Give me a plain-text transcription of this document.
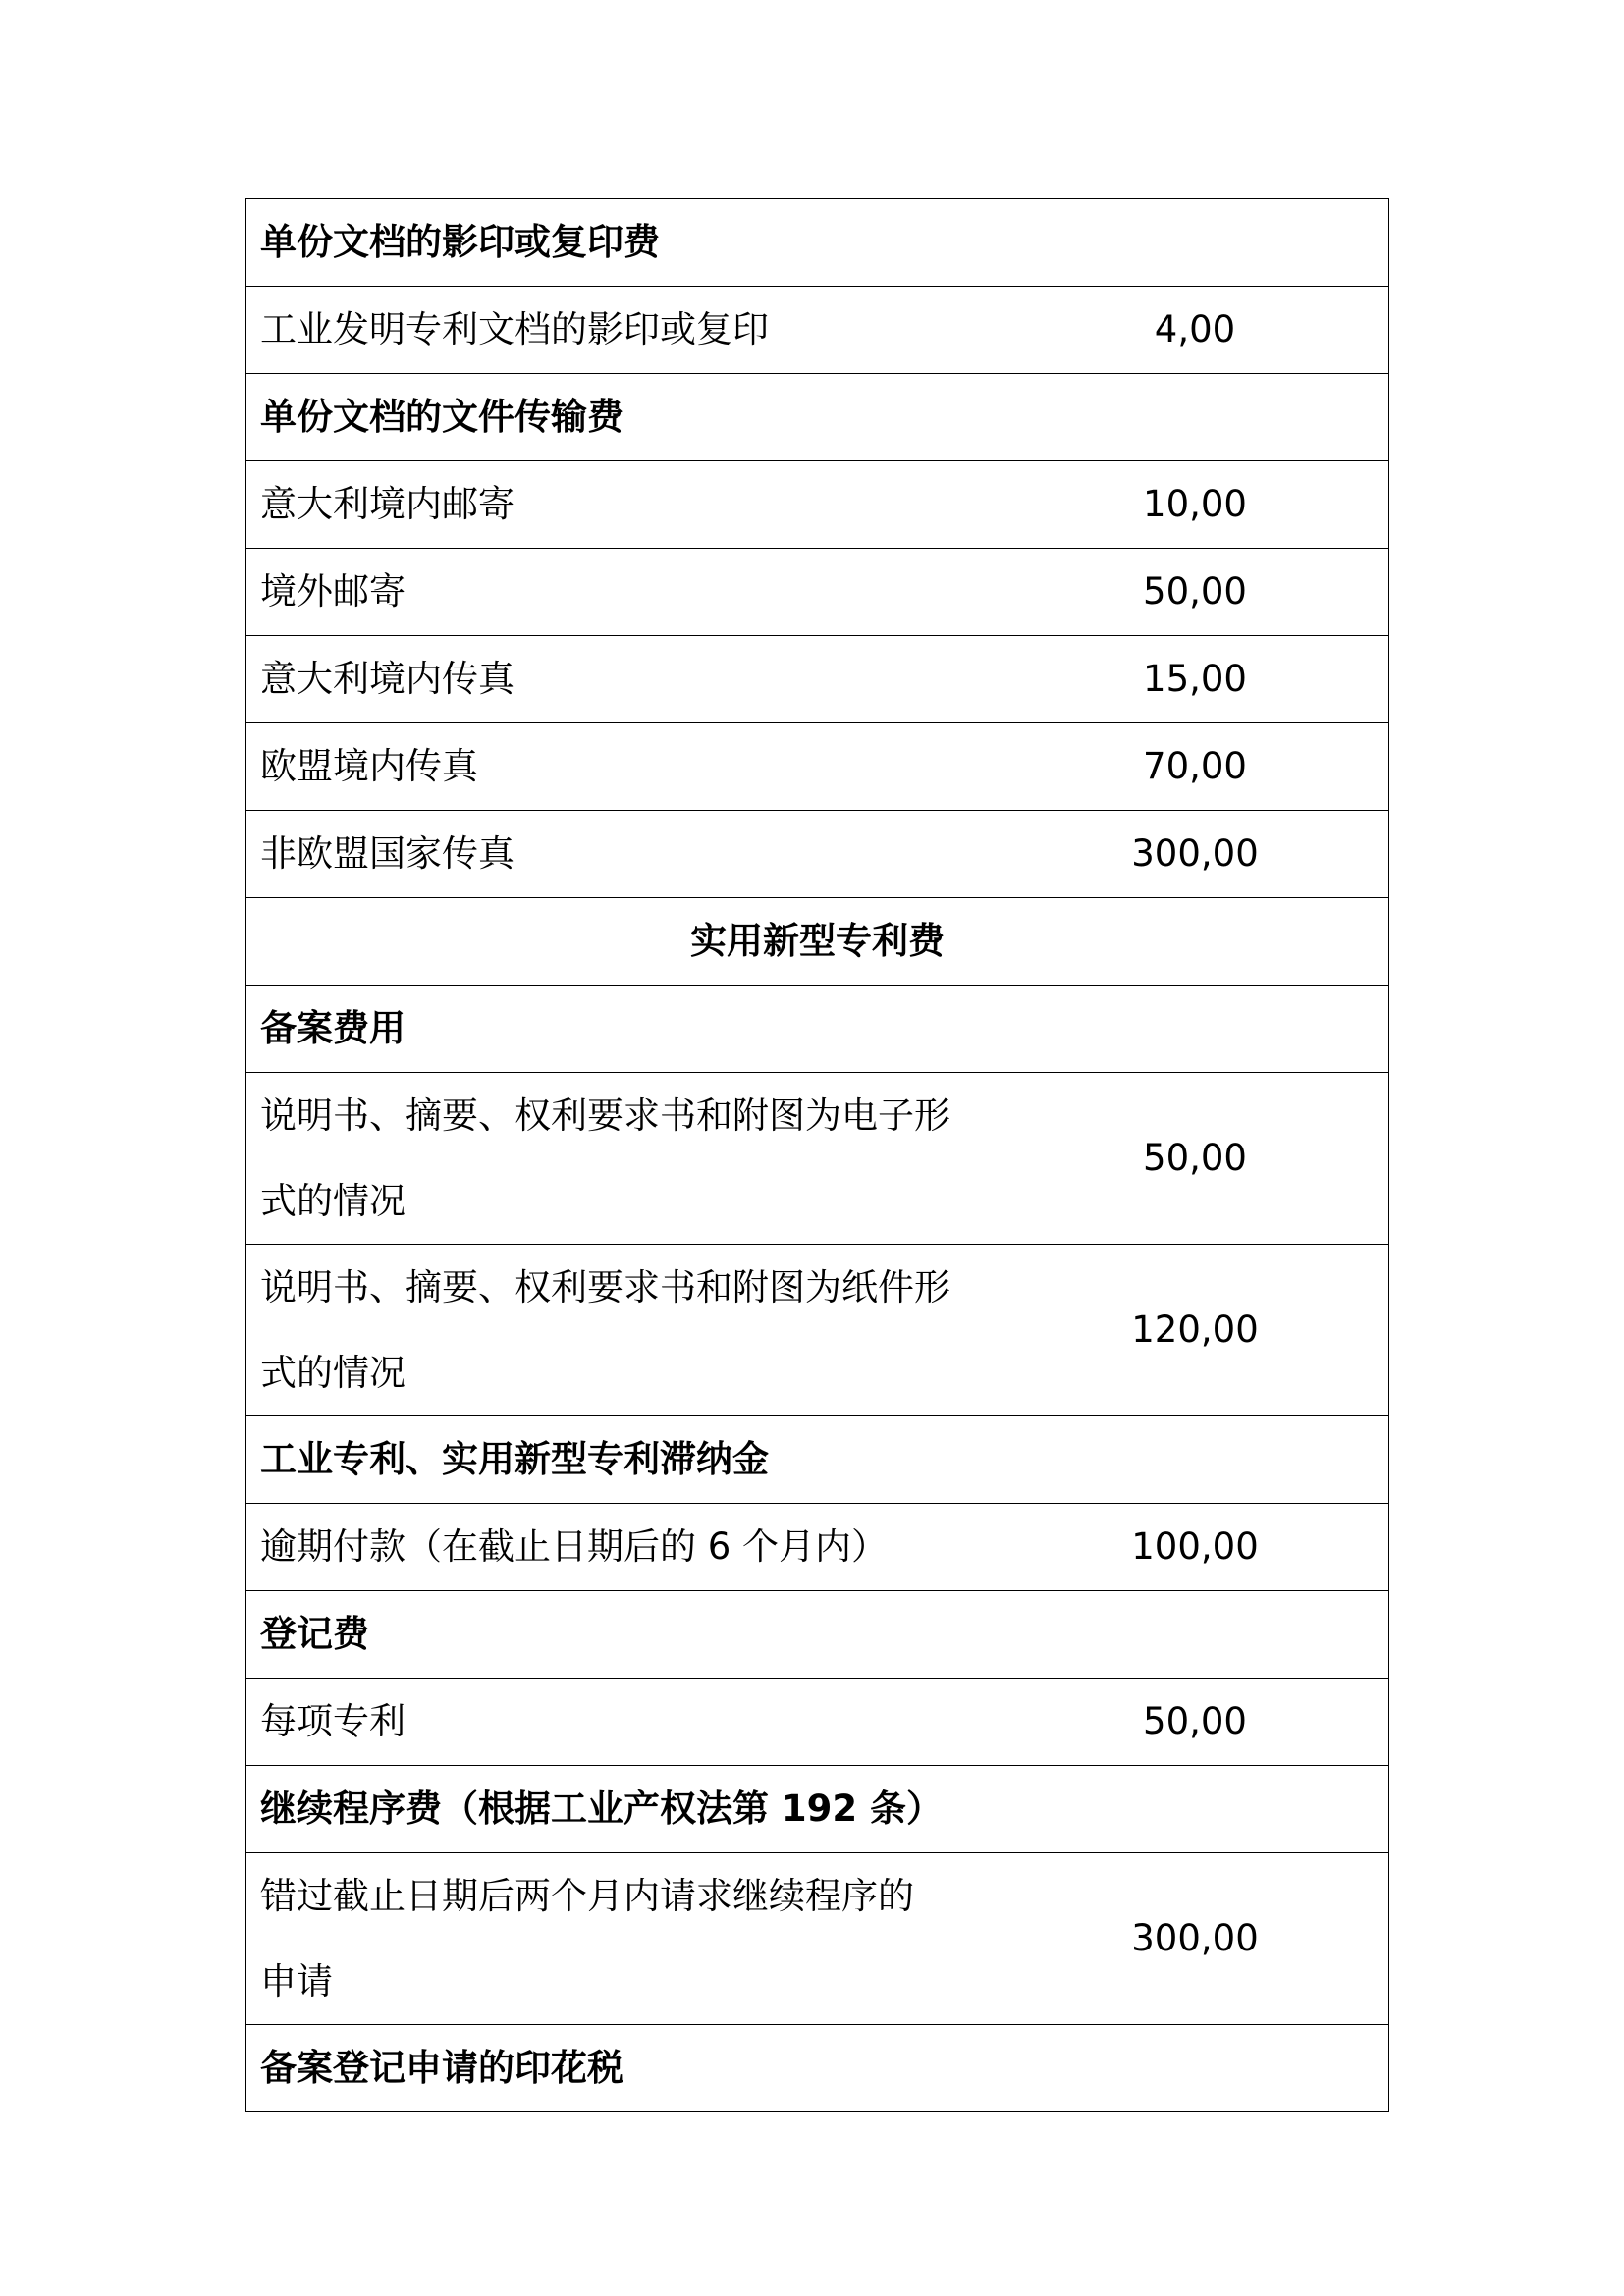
单份文档的影印或复印费	
工业发明专利文档的影印或复印	4,00
单份文档的文件传输费	
意大利境内邮寄	10,00
境外邮寄	50,00
意大利境内传真	15,00
欧盟境内传真	70,00
非欧盟国家传真	300,00
实用新型专利费	
备案费用	

说明书、摘要、权利要求书和附图为电子形
式的情况	50,00

说明书、摘要、权利要求书和附图为纸件形
式的情况	120,00
工业专利、实用新型专利滞纳金	
逾期付款（在截止日期后的 6 个月内）	100,00
登记费	
每项专利	50,00
继续程序费（根据工业产权法第 192 条）	

错过截止日期后两个月内请求继续程序的
申请	300,00
备案登记申请的印花税	
